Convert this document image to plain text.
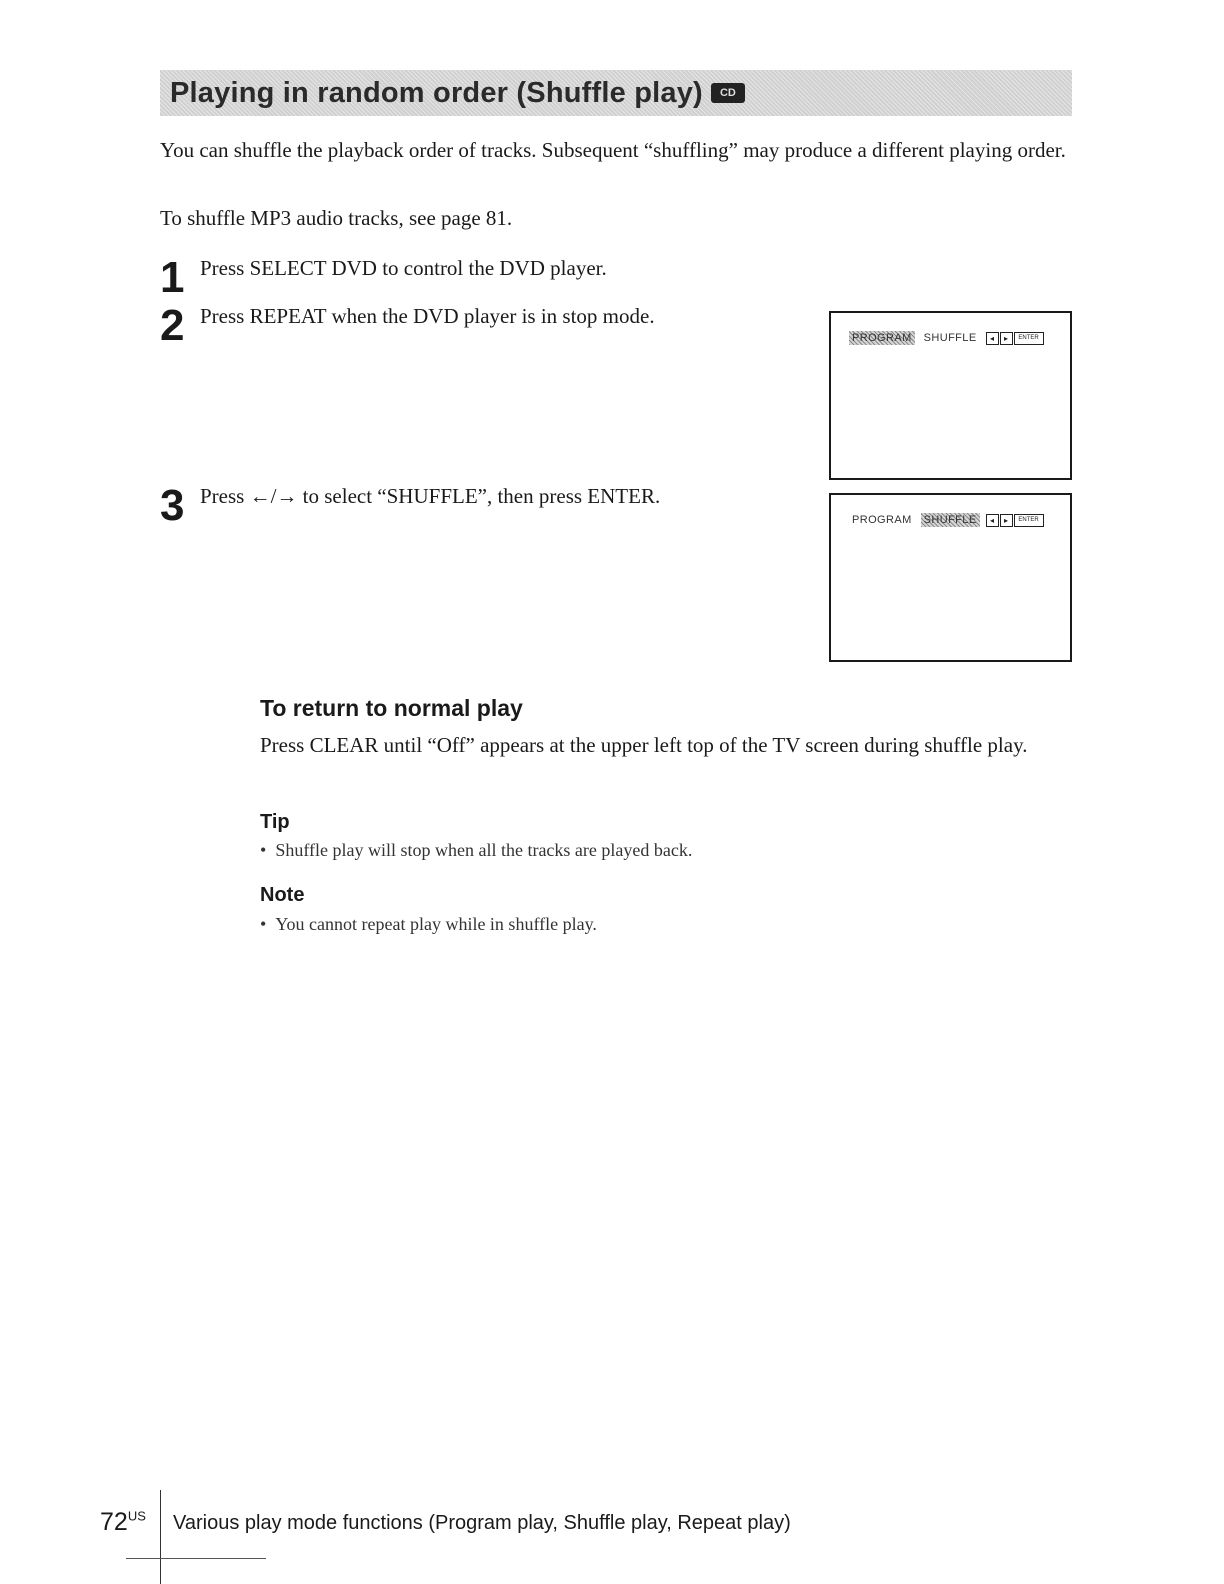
Playing in random order (Shuffle play)	CD

You can shuffle the playback order of tracks. Subsequent “shuffling” may produce a different playing order.

To shuffle MP3 audio tracks, see page 81.

1 Press SELECT DVD to control the DVD player.
2 Press REPEAT when the DVD player is in stop mode.
3 Press ←/→ to select “SHUFFLE”, then press ENTER.
PROGRAM SHUFFLE	◂	▸	ENTER
PROGRAM SHUFFLE	◂	▸	ENTER
To return to normal play

Press CLEAR until “Off” appears at the upper left top of the TV screen during shuffle play.

Tip
•  Shuffle play will stop when all the tracks are played back.
Note
•  You cannot repeat play while in shuffle play.
$72^{US}$ Various play mode functions (Program play, Shuffle play, Repeat play)
